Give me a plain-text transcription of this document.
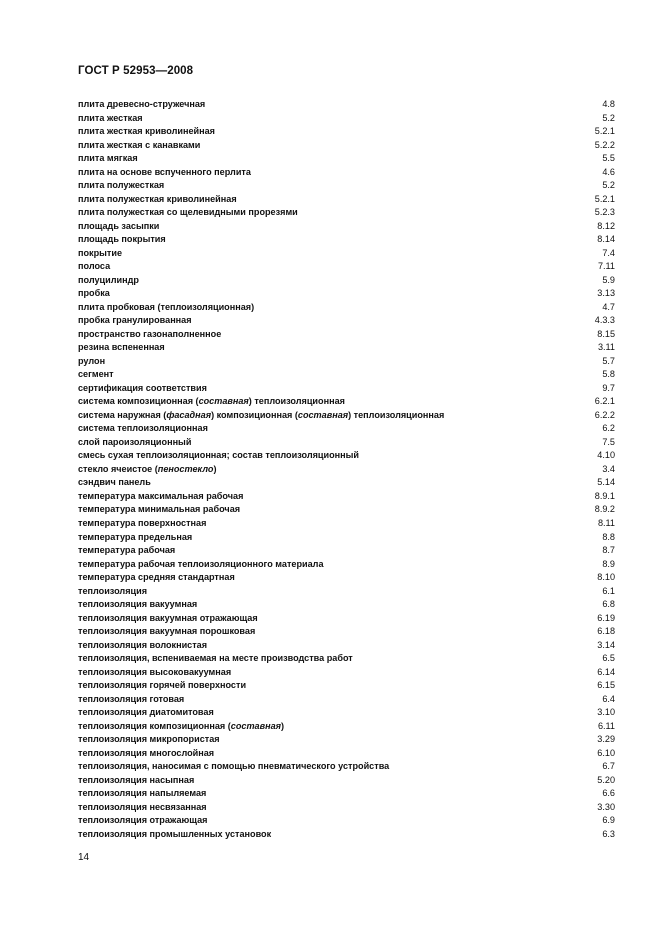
ГОСТ Р 52953—2008
плита древесно-стружечная	4.8
плита жесткая	5.2
плита жесткая криволинейная	5.2.1
плита жесткая с канавками	5.2.2
плита мягкая	5.5
плита на основе вспученного перлита	4.6
плита полужесткая	5.2
плита полужесткая криволинейная	5.2.1
плита полужесткая со щелевидными прорезями	5.2.3
площадь засыпки	8.12
площадь покрытия	8.14
покрытие	7.4
полоса	7.11
полуцилиндр	5.9
пробка	3.13
плита пробковая (теплоизоляционная)	4.7
пробка гранулированная	4.3.3
пространство газонаполненное	8.15
резина вспененная	3.11
рулон	5.7
сегмент	5.8
сертификация соответствия	9.7
система композиционная (составная) теплоизоляционная	6.2.1
система наружная (фасадная) композиционная (составная) теплоизоляционная	6.2.2
система теплоизоляционная	6.2
слой пароизоляционный	7.5
смесь сухая теплоизоляционная; состав теплоизоляционный	4.10
стекло ячеистое (пеностекло)	3.4
сэндвич панель	5.14
температура максимальная рабочая	8.9.1
температура минимальная рабочая	8.9.2
температура поверхностная	8.11
температура предельная	8.8
температура рабочая	8.7
температура рабочая теплоизоляционного материала	8.9
температура средняя стандартная	8.10
теплоизоляция	6.1
теплоизоляция вакуумная	6.8
теплоизоляция вакуумная отражающая	6.19
теплоизоляция вакуумная порошковая	6.18
теплоизоляция волокнистая	3.14
теплоизоляция, вспениваемая на месте производства работ	6.5
теплоизоляция высоковакуумная	6.14
теплоизоляция горячей поверхности	6.15
теплоизоляция готовая	6.4
теплоизоляция диатомитовая	3.10
теплоизоляция композиционная (составная)	6.11
теплоизоляция микропористая	3.29
теплоизоляция многослойная	6.10
теплоизоляция, наносимая с помощью пневматического устройства	6.7
теплоизоляция насыпная	5.20
теплоизоляция напыляемая	6.6
теплоизоляция несвязанная	3.30
теплоизоляция отражающая	6.9
теплоизоляция промышленных установок	6.3
14
